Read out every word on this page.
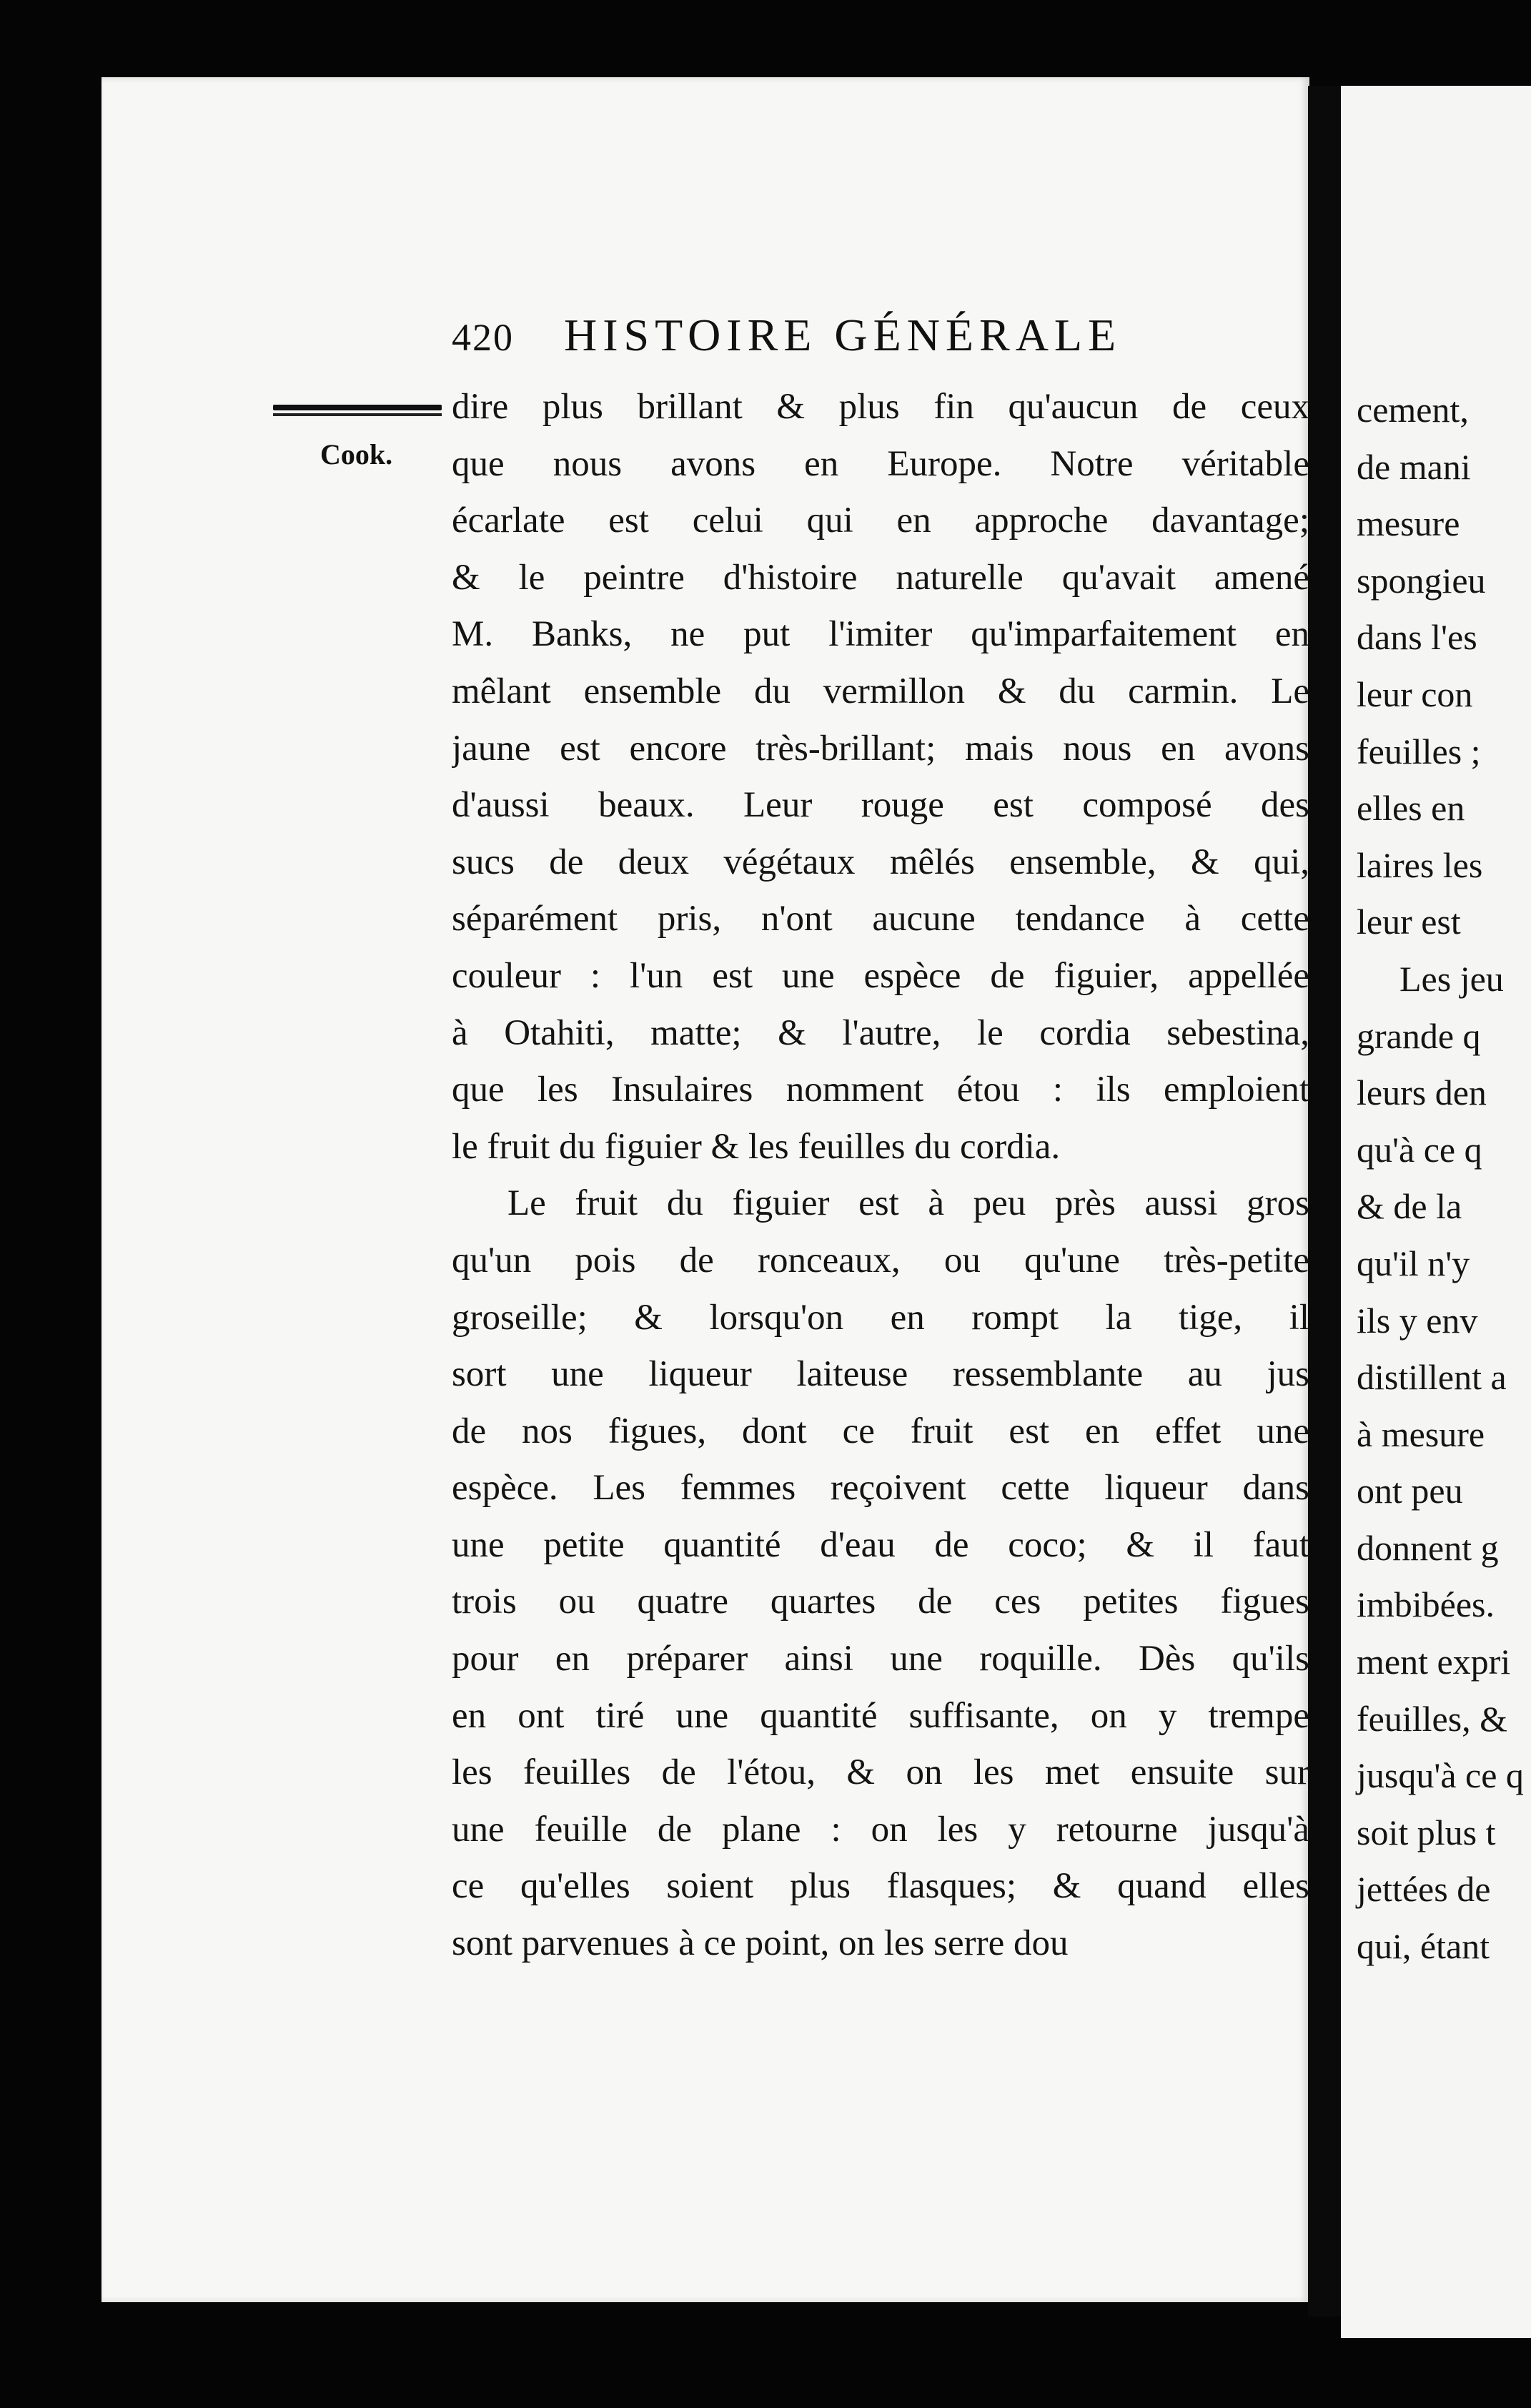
cement,
de mani
mesure
spongieu
dans l'es
leur con
feuilles ;
elles en
laires les
leur est
Les jeu
grande q
leurs den
qu'à ce q
& de la
qu'il n'y
ils y env
distillent a
à mesure
ont peu
donnent g
imbibées.
ment expri
feuilles, &
jusqu'à ce q
soit plus t
jettées de
qui, étant
420 HISTOIRE GÉNÉRALE
Cook.
dire plus brillant & plus fin qu'aucun de ceux
que nous avons en Europe. Notre véritable
écarlate est celui qui en approche davantage;
& le peintre d'histoire naturelle qu'avait amené
M. Banks, ne put l'imiter qu'imparfaitement en
mêlant ensemble du vermillon & du carmin. Le
jaune est encore très-brillant; mais nous en avons
d'aussi beaux. Leur rouge est composé des
sucs de deux végétaux mêlés ensemble, & qui,
séparément pris, n'ont aucune tendance à cette
couleur : l'un est une espèce de figuier, appellée
à Otahiti, matte; & l'autre, le cordia sebestina,
que les Insulaires nomment étou : ils emploient
le fruit du figuier & les feuilles du cordia.
Le fruit du figuier est à peu près aussi gros
qu'un pois de ronceaux, ou qu'une très-petite
groseille; & lorsqu'on en rompt la tige, il
sort une liqueur laiteuse ressemblante au jus
de nos figues, dont ce fruit est en effet une
espèce. Les femmes reçoivent cette liqueur dans
une petite quantité d'eau de coco; & il faut
trois ou quatre quartes de ces petites figues
pour en préparer ainsi une roquille. Dès qu'ils
en ont tiré une quantité suffisante, on y trempe
les feuilles de l'étou, & on les met ensuite sur
une feuille de plane : on les y retourne jusqu'à
ce qu'elles soient plus flasques; & quand elles
sont parvenues à ce point, on les serre dou
